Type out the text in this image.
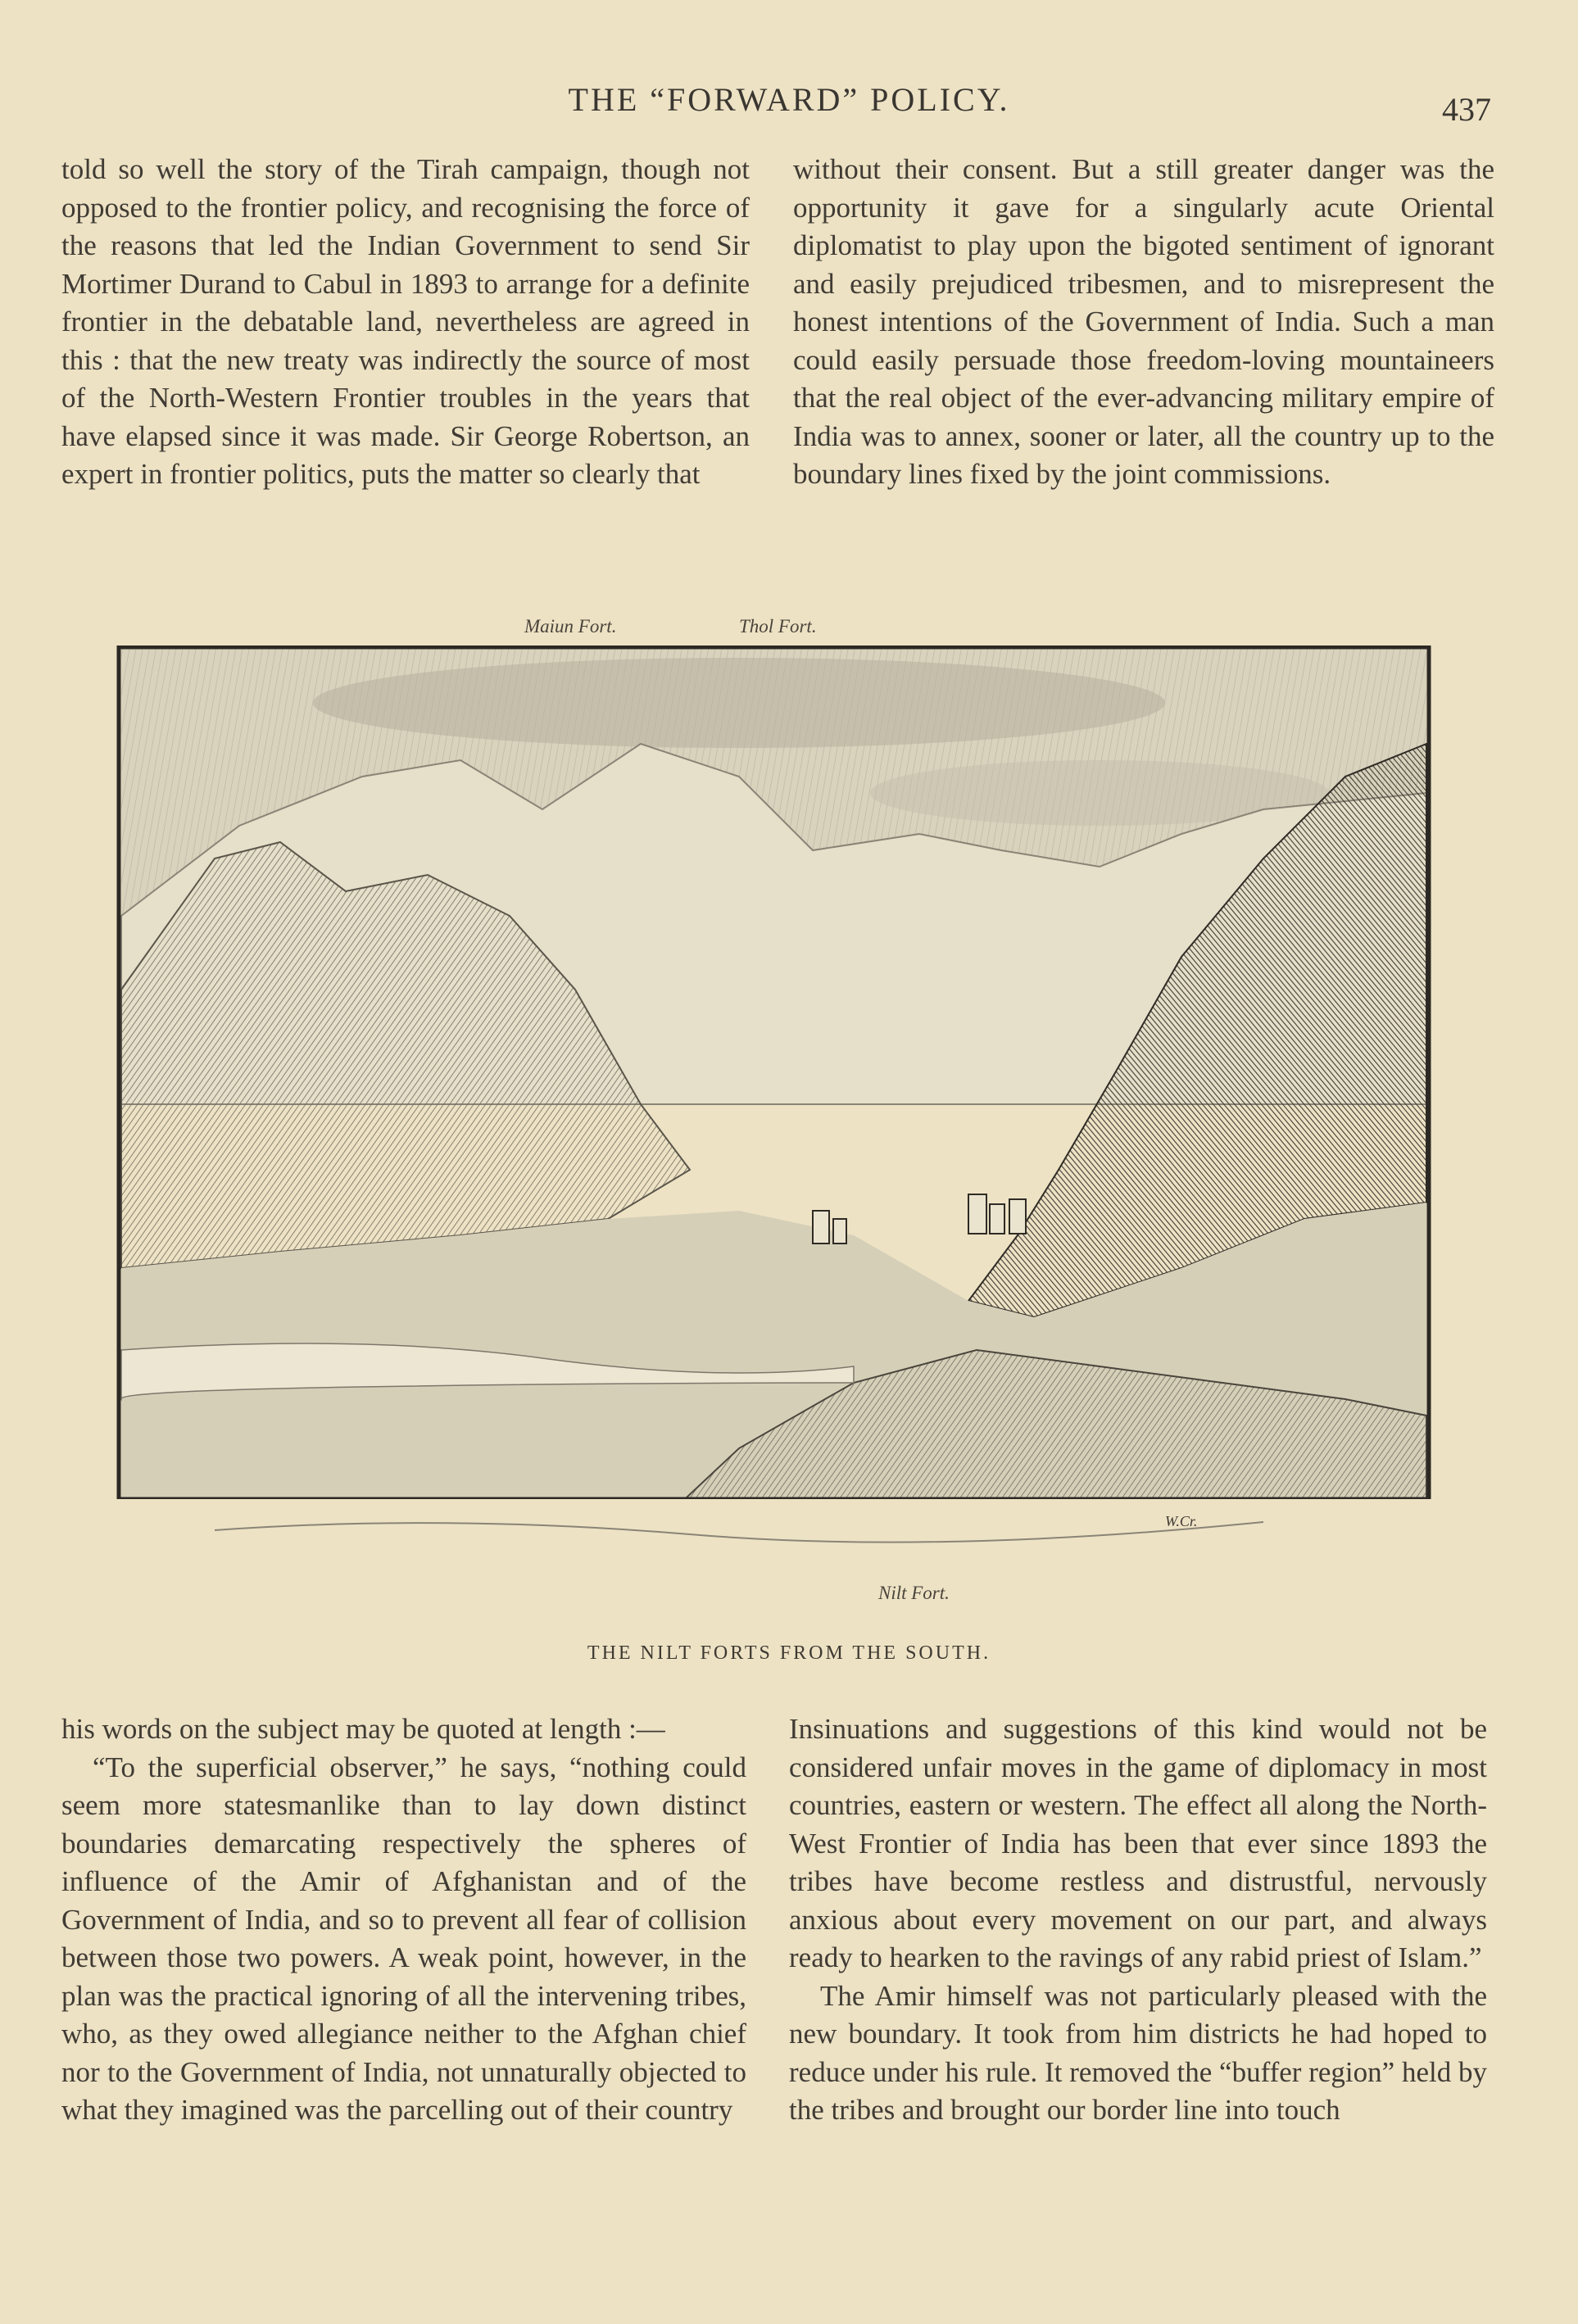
THE “FORWARD” POLICY.	437

told so well the story of the Tirah campaign, though not opposed to the frontier policy, and recognising the force of the reasons that led the Indian Government to send Sir Mortimer Durand to Cabul in 1893 to arrange for a definite frontier in the debatable land, nevertheless are agreed in this : that the new treaty was indirectly the source of most of the North-Western Frontier troubles in the years that have elapsed since it was made. Sir George Robertson, an expert in frontier politics, puts the matter so clearly that

without their consent. But a still greater danger was the opportunity it gave for a singularly acute Oriental diplomatist to play upon the bigoted sentiment of ignorant and easily prejudiced tribesmen, and to misrepresent the honest intentions of the Government of India. Such a man could easily persuade those freedom-loving mountaineers that the real object of the ever-advancing military empire of India was to annex, sooner or later, all the country up to the boundary lines fixed by the joint commissions.

Maiun Fort.	Thol Fort.
W.Cr.
Nilt Fort.
THE NILT FORTS FROM THE SOUTH.

his words on the subject may be quoted at length :—

“To the superficial observer,” he says, “nothing could seem more statesmanlike than to lay down distinct boundaries demarcating respectively the spheres of influence of the Amir of Afghanistan and of the Government of India, and so to prevent all fear of collision between those two powers. A weak point, however, in the plan was the practical ignoring of all the intervening tribes, who, as they owed allegiance neither to the Afghan chief nor to the Government of India, not unnaturally objected to what they imagined was the parcelling out of their country

Insinuations and suggestions of this kind would not be considered unfair moves in the game of diplomacy in most countries, eastern or western. The effect all along the North-West Frontier of India has been that ever since 1893 the tribes have become restless and distrustful, nervously anxious about every movement on our part, and always ready to hearken to the ravings of any rabid priest of Islam.”

The Amir himself was not particularly pleased with the new boundary. It took from him districts he had hoped to reduce under his rule. It removed the “buffer region” held by the tribes and brought our border line into touch
